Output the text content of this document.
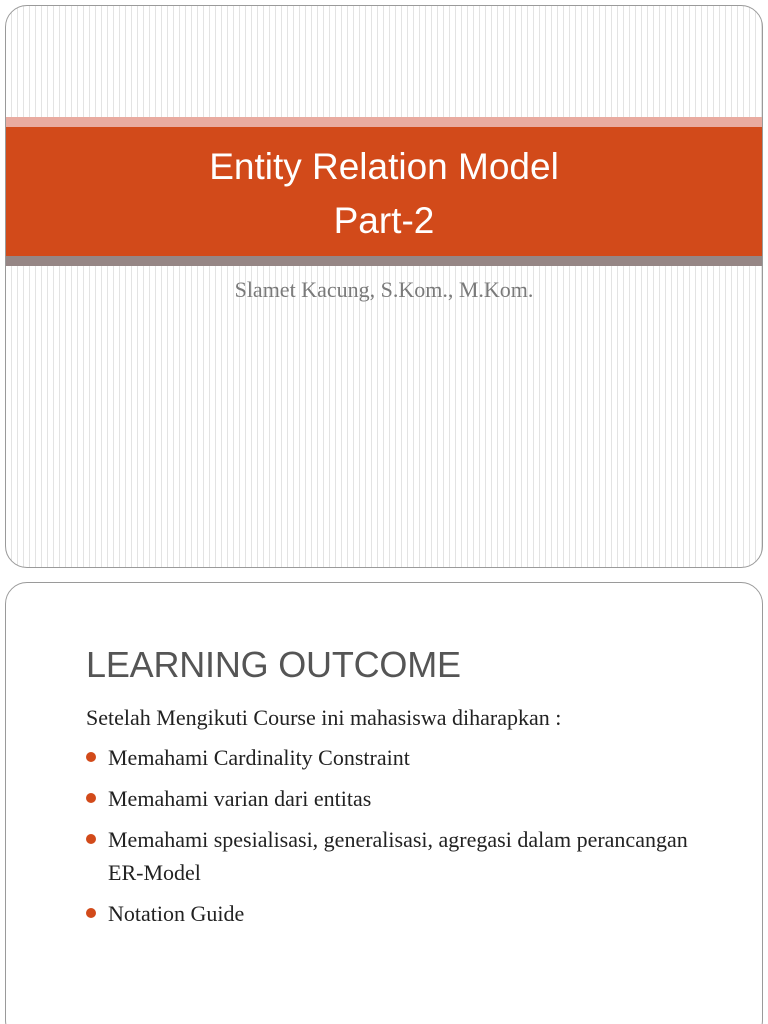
Entity Relation Model
Part-2
Slamet Kacung, S.Kom., M.Kom.
LEARNING OUTCOME
Setelah Mengikuti Course ini mahasiswa diharapkan :
Memahami Cardinality Constraint
Memahami varian dari entitas
Memahami spesialisasi, generalisasi, agregasi dalam perancangan ER-Model
Notation Guide
